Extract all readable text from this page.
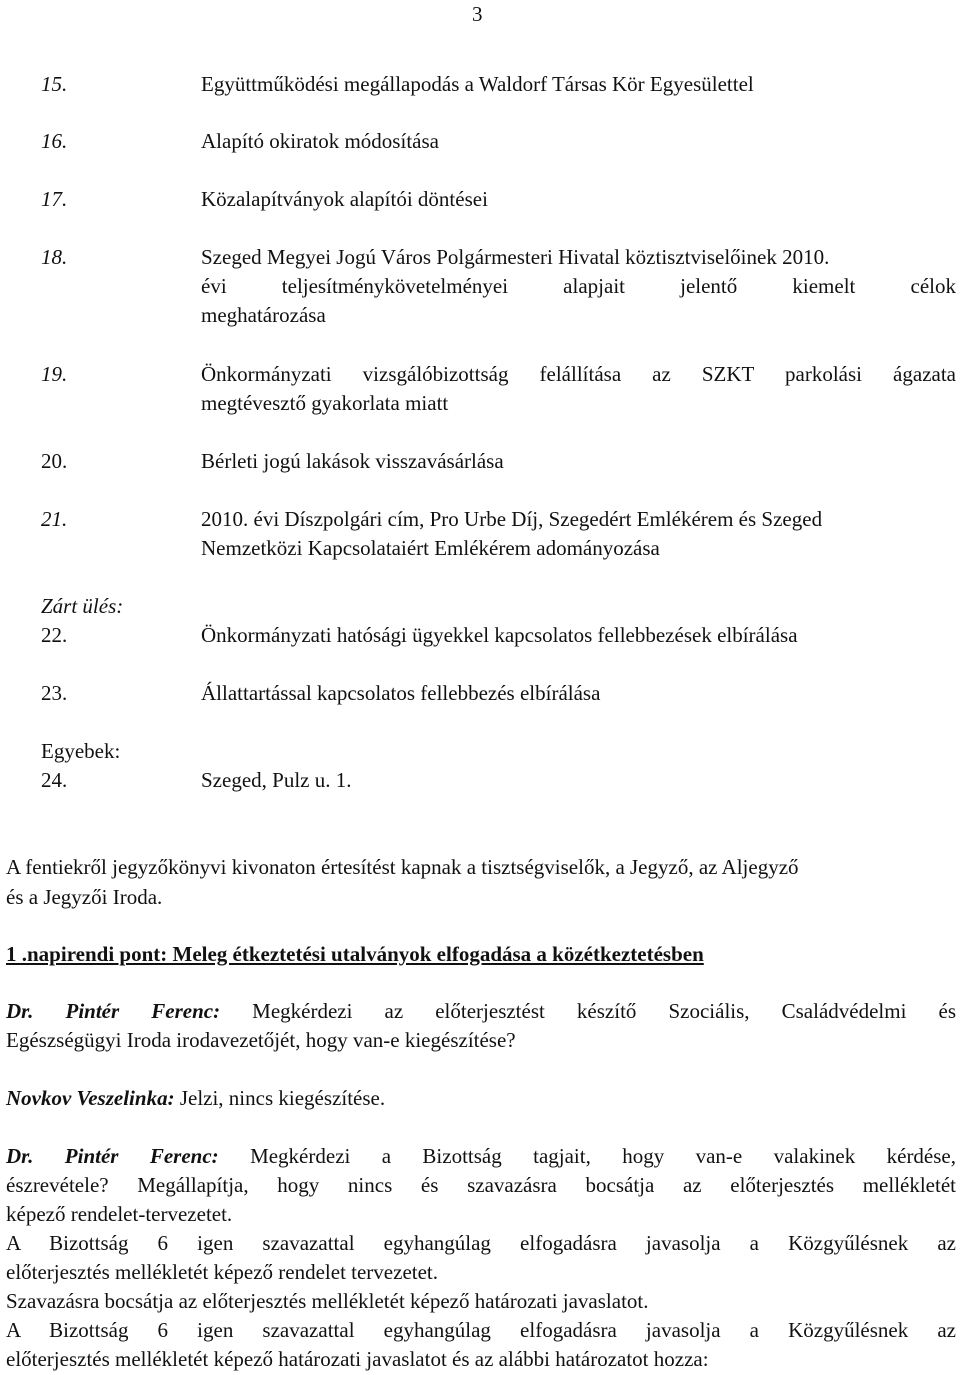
3
15.	Együttműködési megállapodás a Waldorf Társas Kör Egyesülettel
16.	Alapító okiratok módosítása
17.	Közalapítványok alapítói döntései
18.	Szeged Megyei Jogú Város Polgármesteri Hivatal köztisztviselőinek 2010.
évi teljesítménykövetelményei alapjait jelentő kiemelt célok
meghatározása
19.	Önkormányzati vizsgálóbizottság felállítása az SZKT parkolási ágazata
megtévesztő gyakorlata miatt
20.	Bérleti jogú lakások visszavásárlása
21.	2010. évi Díszpolgári cím, Pro Urbe Díj, Szegedért Emlékérem és Szeged
Nemzetközi Kapcsolataiért Emlékérem adományozása
Zárt ülés:
22.	Önkormányzati hatósági ügyekkel kapcsolatos fellebbezések elbírálása
23.	Állattartással kapcsolatos fellebbezés elbírálása
Egyebek:
24.	Szeged, Pulz u. 1.
A fentiekről jegyzőkönyvi kivonaton értesítést kapnak a tisztségviselők, a Jegyző, az Aljegyző
és a Jegyzői Iroda.
1 .napirendi pont: Meleg étkeztetési utalványok elfogadása a közétkeztetésben
Dr. Pintér Ferenc: Megkérdezi az előterjesztést készítő Szociális, Családvédelmi és
Egészségügyi Iroda irodavezetőjét, hogy van-e kiegészítése?
Novkov Veszelinka: Jelzi, nincs kiegészítése.
Dr. Pintér Ferenc: Megkérdezi a Bizottság tagjait, hogy van-e valakinek kérdése,
észrevétele? Megállapítja, hogy nincs és szavazásra bocsátja az előterjesztés mellékletét
képező rendelet-tervezetet.
A Bizottság 6 igen szavazattal egyhangúlag elfogadásra javasolja a Közgyűlésnek az
előterjesztés mellékletét képező rendelet tervezetet.
Szavazásra bocsátja az előterjesztés mellékletét képező határozati javaslatot.
A Bizottság 6 igen szavazattal egyhangúlag elfogadásra javasolja a Közgyűlésnek az
előterjesztés mellékletét képező határozati javaslatot és az alábbi határozatot hozza:
